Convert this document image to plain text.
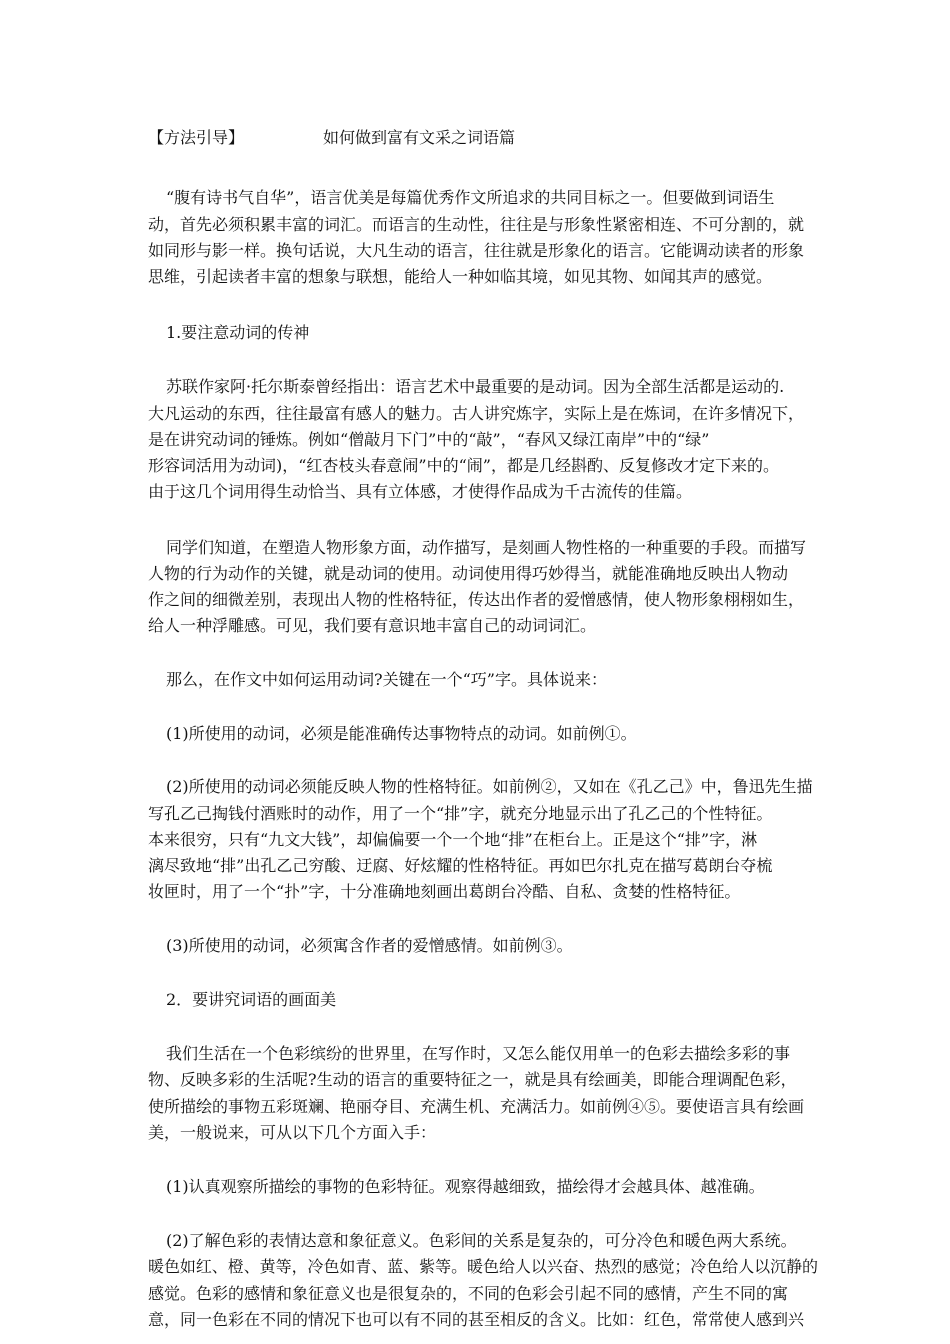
【方法引导】	如何做到富有文采之词语篇
“腹有诗书气自华”，语言优美是每篇优秀作文所追求的共同目标之一。但要做到词语生
动，首先必须积累丰富的词汇。而语言的生动性，往往是与形象性紧密相连、不可分割的，就
如同形与影一样。换句话说，大凡生动的语言，往往就是形象化的语言。它能调动读者的形象
思维，引起读者丰富的想象与联想，能给人一种如临其境，如见其物、如闻其声的感觉。
1.要注意动词的传神
苏联作家阿·托尔斯泰曾经指出：语言艺术中最重要的是动词。因为全部生活都是运动的.
大凡运动的东西，往往最富有感人的魅力。古人讲究炼字，实际上是在炼词，在许多情况下，
是在讲究动词的锤炼。例如“僧敲月下门”中的“敲”，“春风又绿江南岸”中的“绿”
形容词活用为动词)，“红杏枝头春意闹”中的“闹”，都是几经斟酌、反复修改才定下来的。
由于这几个词用得生动恰当、具有立体感，才使得作品成为千古流传的佳篇。
同学们知道，在塑造人物形象方面，动作描写，是刻画人物性格的一种重要的手段。而描写
人物的行为动作的关键，就是动词的使用。动词使用得巧妙得当，就能准确地反映出人物动
作之间的细微差别，表现出人物的性格特征，传达出作者的爱憎感情，使人物形象栩栩如生，
给人一种浮雕感。可见，我们要有意识地丰富自己的动词词汇。
那么，在作文中如何运用动词?关键在一个“巧”字。具体说来：
(1)所使用的动词，必须是能准确传达事物特点的动词。如前例①。
(2)所使用的动词必须能反映人物的性格特征。如前例②，又如在《孔乙己》中，鲁迅先生描
写孔乙己掏钱付酒账时的动作，用了一个“排”字，就充分地显示出了孔乙己的个性特征。
本来很穷，只有“九文大钱”，却偏偏要一个一个地“排”在柜台上。正是这个“排”字，淋
漓尽致地“排”出孔乙己穷酸、迂腐、好炫耀的性格特征。再如巴尔扎克在描写葛朗台夺梳
妆匣时，用了一个“扑”字，十分准确地刻画出葛朗台冷酷、自私、贪婪的性格特征。
(3)所使用的动词，必须寓含作者的爱憎感情。如前例③。
2．要讲究词语的画面美
我们生活在一个色彩缤纷的世界里，在写作时，又怎么能仅用单一的色彩去描绘多彩的事
物、反映多彩的生活呢?生动的语言的重要特征之一，就是具有绘画美，即能合理调配色彩，
使所描绘的事物五彩斑斓、艳丽夺目、充满生机、充满活力。如前例④⑤。要使语言具有绘画
美，一般说来，可从以下几个方面入手：
(1)认真观察所描绘的事物的色彩特征。观察得越细致，描绘得才会越具体、越准确。
(2)了解色彩的表情达意和象征意义。色彩间的关系是复杂的，可分冷色和暖色两大系统。
暖色如红、橙、黄等，冷色如青、蓝、紫等。暖色给人以兴奋、热烈的感觉；冷色给人以沉静的
感觉。色彩的感情和象征意义也是很复杂的，不同的色彩会引起不同的感情，产生不同的寓
意，同一色彩在不同的情况下也可以有不同的甚至相反的含义。比如：红色，常常使人感到兴
